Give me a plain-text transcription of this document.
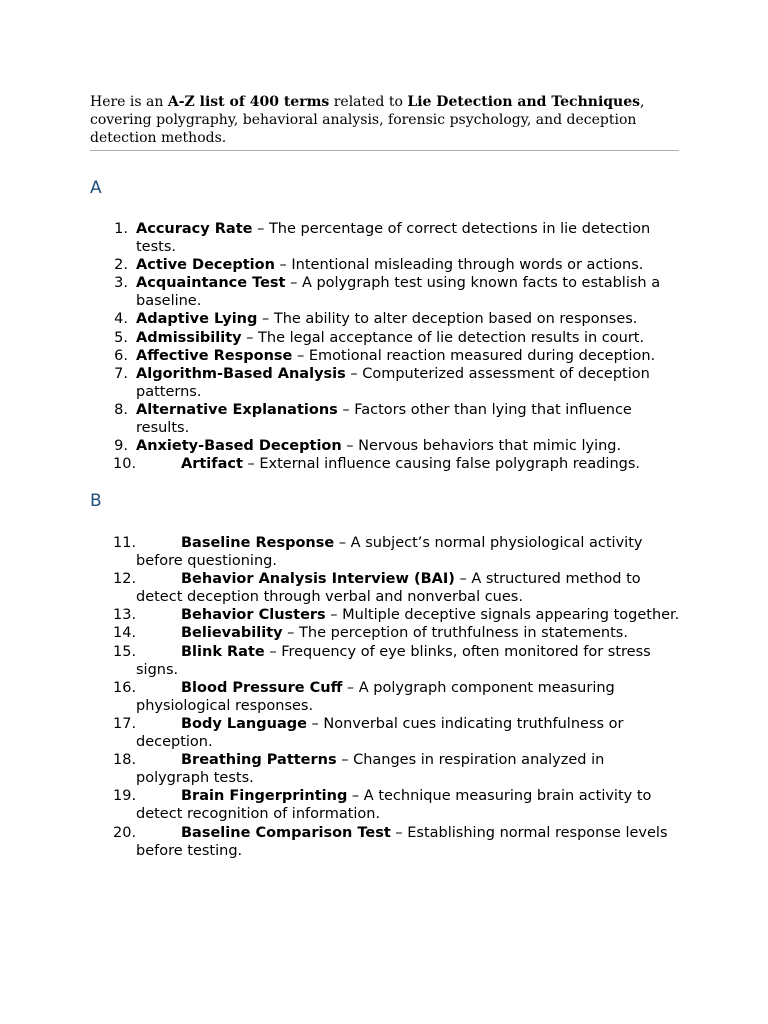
Here is an A-Z list of 400 terms related to Lie Detection and Techniques, covering polygraphy, behavioral analysis, forensic psychology, and deception detection methods.

A
1. Accuracy Rate – The percentage of correct detections in lie detection tests.
2. Active Deception – Intentional misleading through words or actions.
3. Acquaintance Test – A polygraph test using known facts to establish a baseline.
4. Adaptive Lying – The ability to alter deception based on responses.
5. Admissibility – The legal acceptance of lie detection results in court.
6. Affective Response – Emotional reaction measured during deception.
7. Algorithm-Based Analysis – Computerized assessment of deception patterns.
8. Alternative Explanations – Factors other than lying that influence results.
9. Anxiety-Based Deception – Nervous behaviors that mimic lying.
10.	Artifact – External influence causing false polygraph readings.
B
11.	Baseline Response – A subject’s normal physiological activity before questioning.
12.	Behavior Analysis Interview (BAI) – A structured method to detect deception through verbal and nonverbal cues.
13.	Behavior Clusters – Multiple deceptive signals appearing together.
14.	Believability – The perception of truthfulness in statements.
15.	Blink Rate – Frequency of eye blinks, often monitored for stress signs.
16.	Blood Pressure Cuff – A polygraph component measuring physiological responses.
17.	Body Language – Nonverbal cues indicating truthfulness or deception.
18.	Breathing Patterns – Changes in respiration analyzed in polygraph tests.
19.	Brain Fingerprinting – A technique measuring brain activity to detect recognition of information.
20.	Baseline Comparison Test – Establishing normal response levels before testing.
